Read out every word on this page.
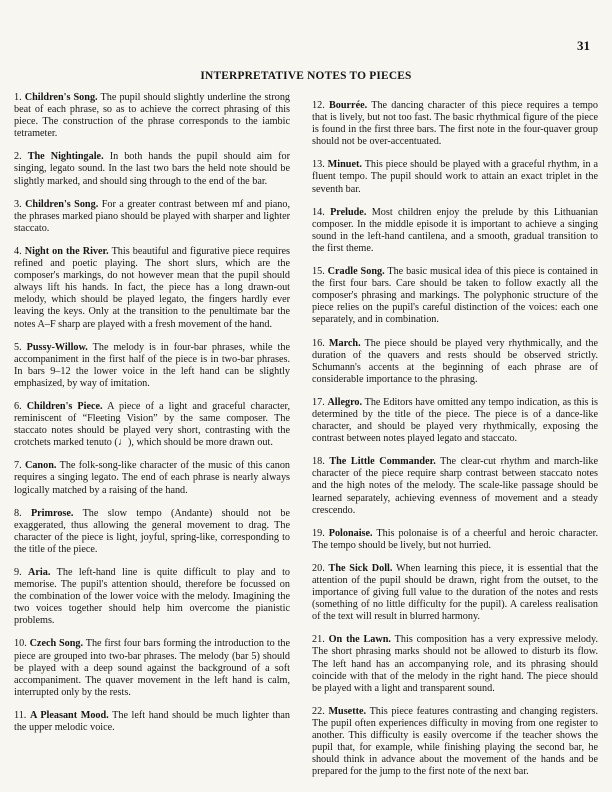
31
INTERPRETATIVE NOTES TO PIECES

1. Children's Song. The pupil should slightly underline the strong beat of each phrase, so as to achieve the correct phrasing of this piece. The construction of the phrase corresponds to the iambic tetrameter.

2. The Nightingale. In both hands the pupil should aim for singing, legato sound. In the last two bars the held note should be slightly marked, and should sing through to the end of the bar.

3. Children's Song. For a greater contrast between mf and piano, the phrases marked piano should be played with sharper and lighter staccato.

4. Night on the River. This beautiful and figurative piece requires refined and poetic playing. The short slurs, which are the composer's markings, do not however mean that the pupil should always lift his hands. In fact, the piece has a long drawn-out melody, which should be played legato, the fingers hardly ever leaving the keys. Only at the transition to the penultimate bar the notes A–F sharp are played with a fresh movement of the hand.

5. Pussy-Willow. The melody is in four-bar phrases, while the accompaniment in the first half of the piece is in two-bar phrases. In bars 9–12 the lower voice in the left hand can be slightly emphasized, by way of imitation.

6. Children's Piece. A piece of a light and graceful character, reminiscent of “Fleeting Vision” by the same composer. The staccato notes should be played very short, contrasting with the crotchets marked tenuto (♩), which should be more drawn out.

7. Canon. The folk-song-like character of the music of this canon requires a singing legato. The end of each phrase is nearly always logically matched by a raising of the hand.

8. Primrose. The slow tempo (Andante) should not be exaggerated, thus allowing the general movement to drag. The character of the piece is light, joyful, spring-like, corresponding to the title of the piece.

9. Aria. The left-hand line is quite difficult to play and to memorise. The pupil's attention should, therefore be focussed on the combination of the lower voice with the melody. Imagining the two voices together should help him overcome the pianistic problems.

10. Czech Song. The first four bars forming the introduction to the piece are grouped into two-bar phrases. The melody (bar 5) should be played with a deep sound against the background of a soft accompaniment. The quaver movement in the left hand is calm, interrupted only by the rests.

11. A Pleasant Mood. The left hand should be much lighter than the upper melodic voice.

12. Bourrée. The dancing character of this piece requires a tempo that is lively, but not too fast. The basic rhythmical figure of the piece is found in the first three bars. The first note in the four-quaver group should not be over-accentuated.

13. Minuet. This piece should be played with a graceful rhythm, in a fluent tempo. The pupil should work to attain an exact triplet in the seventh bar.

14. Prelude. Most children enjoy the prelude by this Lithuanian composer. In the middle episode it is important to achieve a singing sound in the left-hand cantilena, and a smooth, gradual transition to the first theme.

15. Cradle Song. The basic musical idea of this piece is contained in the first four bars. Care should be taken to follow exactly all the composer's phrasing and markings. The polyphonic structure of the piece relies on the pupil's careful distinction of the voices: each one separately, and in combination.

16. March. The piece should be played very rhythmically, and the duration of the quavers and rests should be observed strictly. Schumann's accents at the beginning of each phrase are of considerable importance to the phrasing.

17. Allegro. The Editors have omitted any tempo indication, as this is determined by the title of the piece. The piece is of a dance-like character, and should be played very rhythmically, exposing the contrast between notes played legato and staccato.

18. The Little Commander. The clear-cut rhythm and march-like character of the piece require sharp contrast between staccato notes and the high notes of the melody. The scale-like passage should be learned separately, achieving evenness of movement and a steady crescendo.

19. Polonaise. This polonaise is of a cheerful and heroic character. The tempo should be lively, but not hurried.

20. The Sick Doll. When learning this piece, it is essential that the attention of the pupil should be drawn, right from the outset, to the importance of giving full value to the duration of the notes and rests (something of no little difficulty for the pupil). A careless realisation of the text will result in blurred harmony.

21. On the Lawn. This composition has a very expressive melody. The short phrasing marks should not be allowed to disturb its flow. The left hand has an accompanying role, and its phrasing should coincide with that of the melody in the right hand. The piece should be played with a light and transparent sound.

22. Musette. This piece features contrasting and changing registers. The pupil often experiences difficulty in moving from one register to another. This difficulty is easily overcome if the teacher shows the pupil that, for example, while finishing playing the second bar, he should think in advance about the movement of the hands and be prepared for the jump to the first note of the next bar.
